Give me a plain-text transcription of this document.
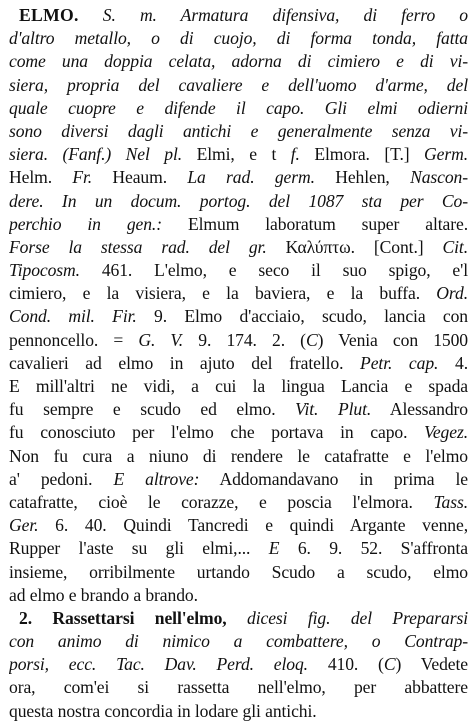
ELMO. S. m. Armatura difensiva, di ferro o
d'altro metallo, o di cuojo, di forma tonda, fatta
come una doppia celata, adorna di cimiero e di vi-
siera, propria del cavaliere e dell'uomo d'arme, del
quale cuopre e difende il capo. Gli elmi odierni
sono diversi dagli antichi e generalmente senza vi-
siera. (Fanf.) Nel pl. Elmi, e t f. Elmora. [T.] Germ.
Helm. Fr. Heaum. La rad. germ. Hehlen, Nascon-
dere. In un docum. portog. del 1087 sta per Co-
perchio in gen.: Elmum laboratum super altare.
Forse la stessa rad. del gr. Καλύπτω. [Cont.] Cit.
Tipocosm. 461. L'elmo, e seco il suo spigo, e'l
cimiero, e la visiera, e la baviera, e la buffa. Ord.
Cond. mil. Fir. 9. Elmo d'acciaio, scudo, lancia con
pennoncello. = G. V. 9. 174. 2. (C) Venia con 1500
cavalieri ad elmo in ajuto del fratello. Petr. cap. 4.
E mill'altri ne vidi, a cui la lingua Lancia e spada
fu sempre e scudo ed elmo. Vit. Plut. Alessandro
fu conosciuto per l'elmo che portava in capo. Vegez.
Non fu cura a niuno di rendere le catafratte e l'elmo
a' pedoni. E altrove: Addomandavano in prima le
catafratte, cioè le corazze, e poscia l'elmora. Tass.
Ger. 6. 40. Quindi Tancredi e quindi Argante venne,
Rupper l'aste su gli elmi,... E 6. 9. 52. S'affronta
insieme, orribilmente urtando Scudo a scudo, elmo
ad elmo e brando a brando.
2. Rassettarsi nell'elmo, dicesi fig. del Prepararsi
con animo di nimico a combattere, o Contrap-
porsi, ecc. Tac. Dav. Perd. eloq. 410. (C) Vedete
ora, com'ei si rassetta nell'elmo, per abbattere
questa nostra concordia in lodare gli antichi.
